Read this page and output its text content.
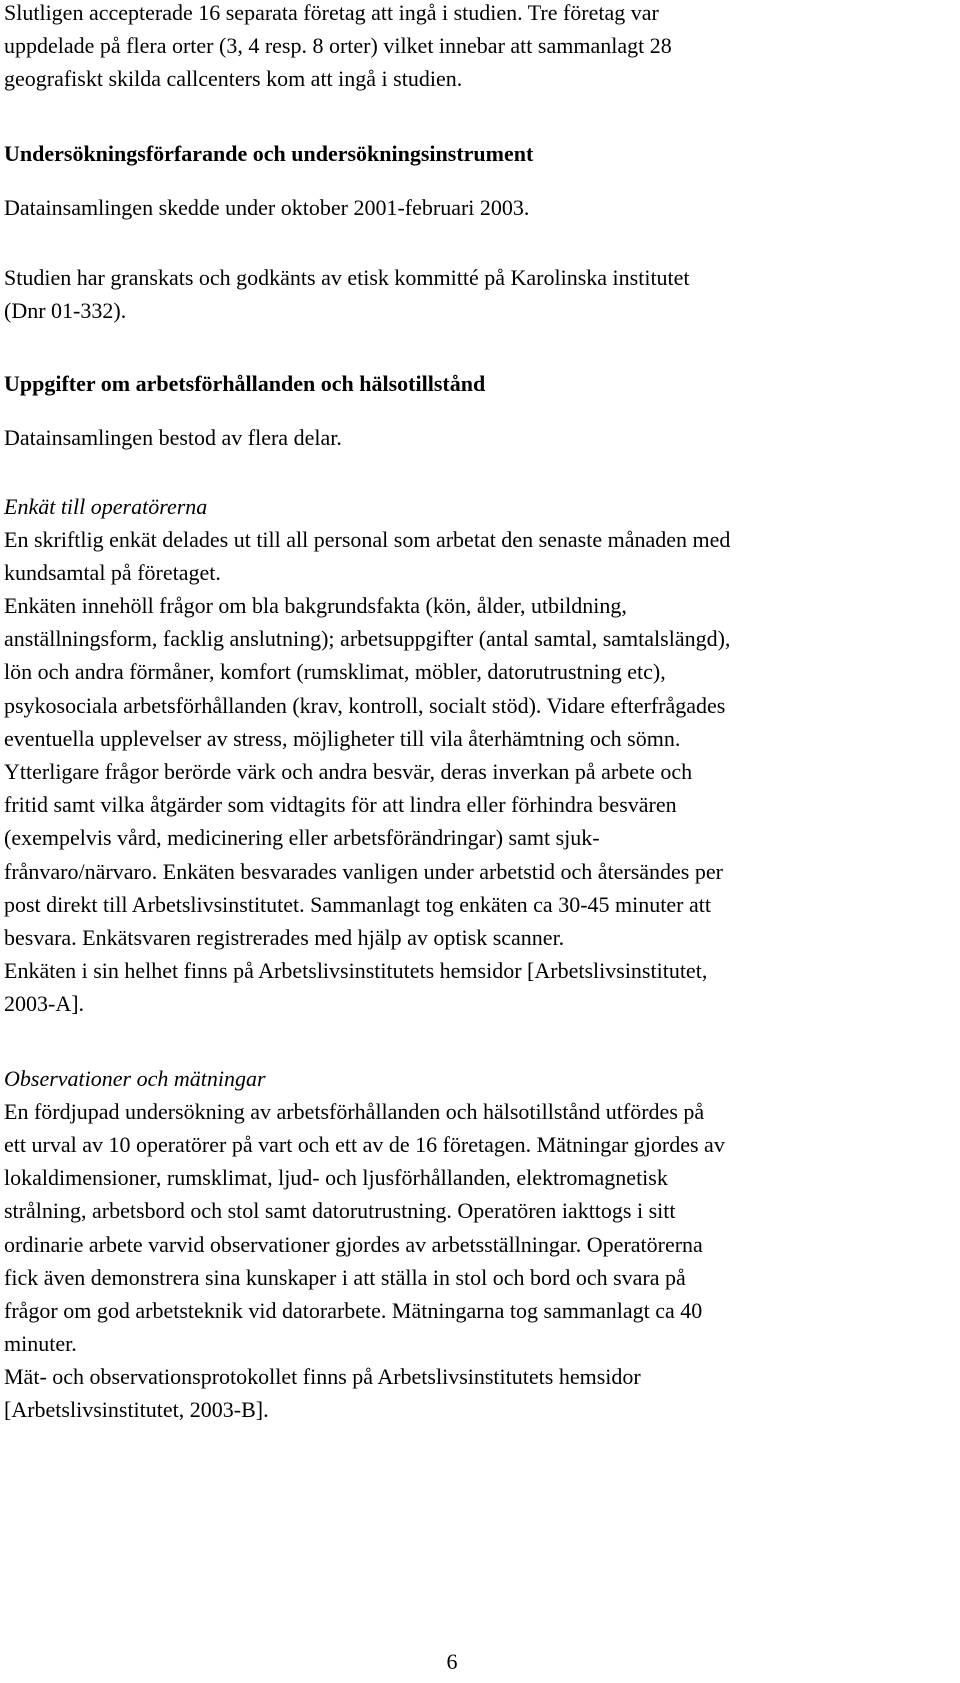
Slutligen accepterade 16 separata företag att ingå i studien. Tre företag var
uppdelade på flera orter (3, 4 resp. 8 orter) vilket innebar att sammanlagt 28
geografiskt skilda callcenters kom att ingå i studien.
Undersökningsförfarande och undersökningsinstrument
Datainsamlingen skedde under oktober 2001-februari 2003.
Studien har granskats och godkänts av etisk kommitté på Karolinska institutet
(Dnr 01-332).
Uppgifter om arbetsförhållanden och hälsotillstånd
Datainsamlingen bestod av flera delar.
Enkät till operatörerna
En skriftlig enkät delades ut till all personal som arbetat den senaste månaden med
kundsamtal på företaget.
Enkäten innehöll frågor om bla bakgrundsfakta (kön, ålder, utbildning,
anställningsform, facklig anslutning); arbetsuppgifter (antal samtal, samtalslängd),
lön och andra förmåner, komfort (rumsklimat, möbler, datorutrustning etc),
psykosociala arbetsförhållanden (krav, kontroll, socialt stöd). Vidare efterfrågades
eventuella upplevelser av stress, möjligheter till vila återhämtning och sömn.
Ytterligare frågor berörde värk och andra besvär, deras inverkan på arbete och
fritid samt vilka åtgärder som vidtagits för att lindra eller förhindra besvären
(exempelvis vård, medicinering eller arbetsförändringar) samt sjuk-
frånvaro/närvaro. Enkäten besvarades vanligen under arbetstid och återsändes per
post direkt till Arbetslivsinstitutet. Sammanlagt tog enkäten ca 30-45 minuter att
besvara. Enkätsvaren registrerades med hjälp av optisk scanner.
Enkäten i sin helhet finns på Arbetslivsinstitutets hemsidor [Arbetslivsinstitutet,
2003-A].
Observationer och mätningar
En fördjupad undersökning av arbetsförhållanden och hälsotillstånd utfördes på
ett urval av 10 operatörer på vart och ett av de 16 företagen. Mätningar gjordes av
lokaldimensioner, rumsklimat, ljud- och ljusförhållanden, elektromagnetisk
strålning, arbetsbord och stol samt datorutrustning. Operatören iakttogs i sitt
ordinarie arbete varvid observationer gjordes av arbetsställningar. Operatörerna
fick även demonstrera sina kunskaper i att ställa in stol och bord och svara på
frågor om god arbetsteknik vid datorarbete. Mätningarna tog sammanlagt ca 40
minuter.
Mät- och observationsprotokollet finns på Arbetslivsinstitutets hemsidor
[Arbetslivsinstitutet, 2003-B].
6
